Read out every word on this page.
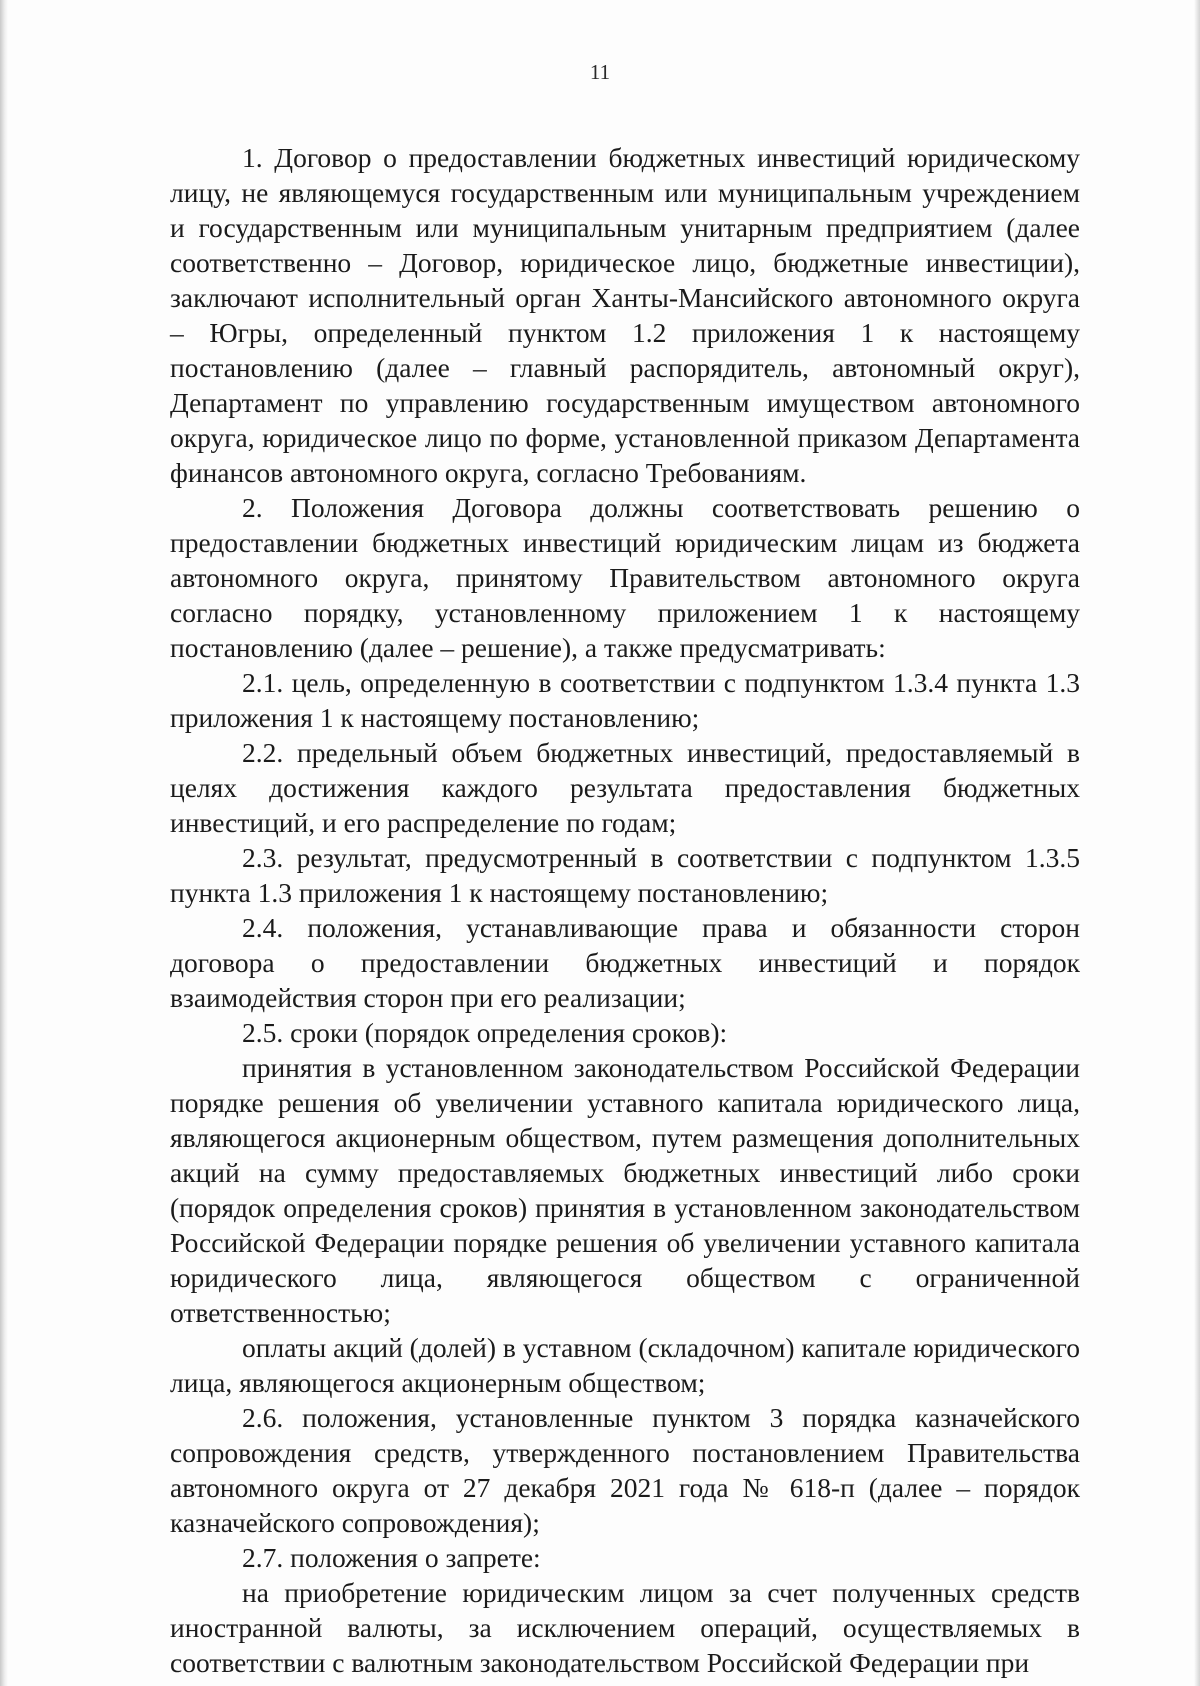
11

1. Договор о предоставлении бюджетных инвестиций юридическому лицу, не являющемуся государственным или муниципальным учреждением и государственным или муниципальным унитарным предприятием (далее соответственно – Договор, юридическое лицо, бюджетные инвестиции), заключают исполнительный орган Ханты-Мансийского автономного округа – Югры, определенный пунктом 1.2 приложения 1 к настоящему постановлению (далее – главный распорядитель, автономный округ), Департамент по управлению государственным имуществом автономного округа, юридическое лицо по форме, установленной приказом Департамента финансов автономного округа, согласно Требованиям.

2. Положения Договора должны соответствовать решению о предоставлении бюджетных инвестиций юридическим лицам из бюджета автономного округа, принятому Правительством автономного округа согласно порядку, установленному приложением 1 к настоящему постановлению (далее – решение), а также предусматривать:

2.1. цель, определенную в соответствии с подпунктом 1.3.4 пункта 1.3 приложения 1 к настоящему постановлению;

2.2. предельный объем бюджетных инвестиций, предоставляемый в целях достижения каждого результата предоставления бюджетных инвестиций, и его распределение по годам;

2.3. результат, предусмотренный в соответствии с подпунктом 1.3.5 пункта 1.3 приложения 1 к настоящему постановлению;

2.4. положения, устанавливающие права и обязанности сторон договора о предоставлении бюджетных инвестиций и порядок взаимодействия сторон при его реализации;

2.5. сроки (порядок определения сроков):

принятия в установленном законодательством Российской Федерации порядке решения об увеличении уставного капитала юридического лица, являющегося акционерным обществом, путем размещения дополнительных акций на сумму предоставляемых бюджетных инвестиций либо сроки (порядок определения сроков) принятия в установленном законодательством Российской Федерации порядке решения об увеличении уставного капитала юридического лица, являющегося обществом с ограниченной ответственностью;

оплаты акций (долей) в уставном (складочном) капитале юридического лица, являющегося акционерным обществом;

2.6. положения, установленные пунктом 3 порядка казначейского сопровождения средств, утвержденного постановлением Правительства автономного округа от 27 декабря 2021 года № 618-п (далее – порядок казначейского сопровождения);

2.7. положения о запрете:

на приобретение юридическим лицом за счет полученных средств иностранной валюты, за исключением операций, осуществляемых в соответствии с валютным законодательством Российской Федерации при
